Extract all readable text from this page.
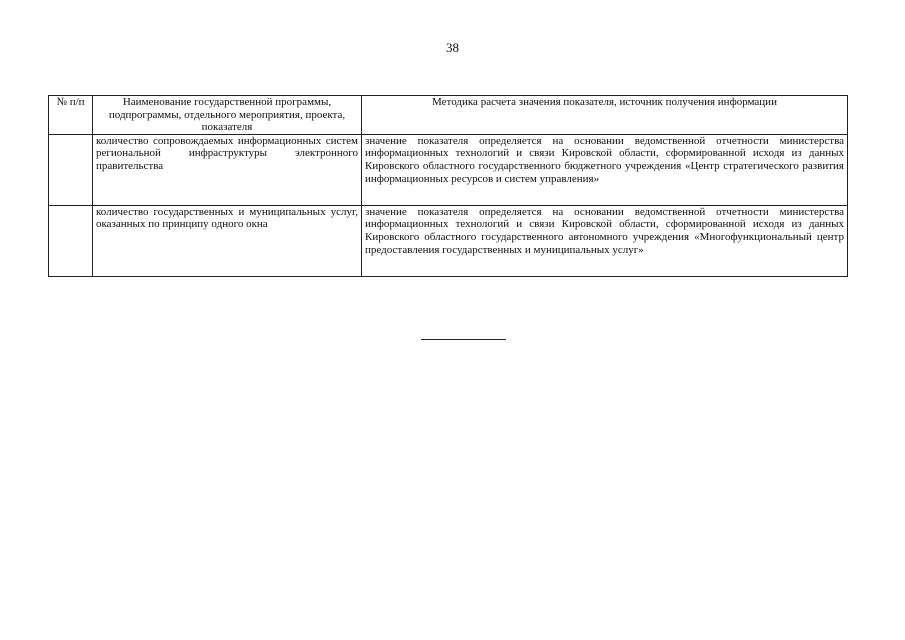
38
№ п/п	Наименование государственной программы, подпрограммы, отдельного мероприятия, проекта, показателя	Методика расчета значения показателя, источник получения информации
	количество сопровождаемых информационных систем региональной инфраструктуры электронного правительства	значение показателя определяется на основании ведомственной отчетности министерства информационных технологий и связи Кировской области, сформированной исходя из данных Кировского областного государственного бюджетного учреждения «Центр стратегического развития информационных ресурсов и систем управления»
	количество государственных и муниципальных услуг, оказанных по принципу одного окна	значение показателя определяется на основании ведомственной отчетности министерства информационных технологий и связи Кировской области, сформированной исходя из данных Кировского областного государственного автономного учреждения «Многофункциональный центр предоставления государственных и муниципальных услуг»
